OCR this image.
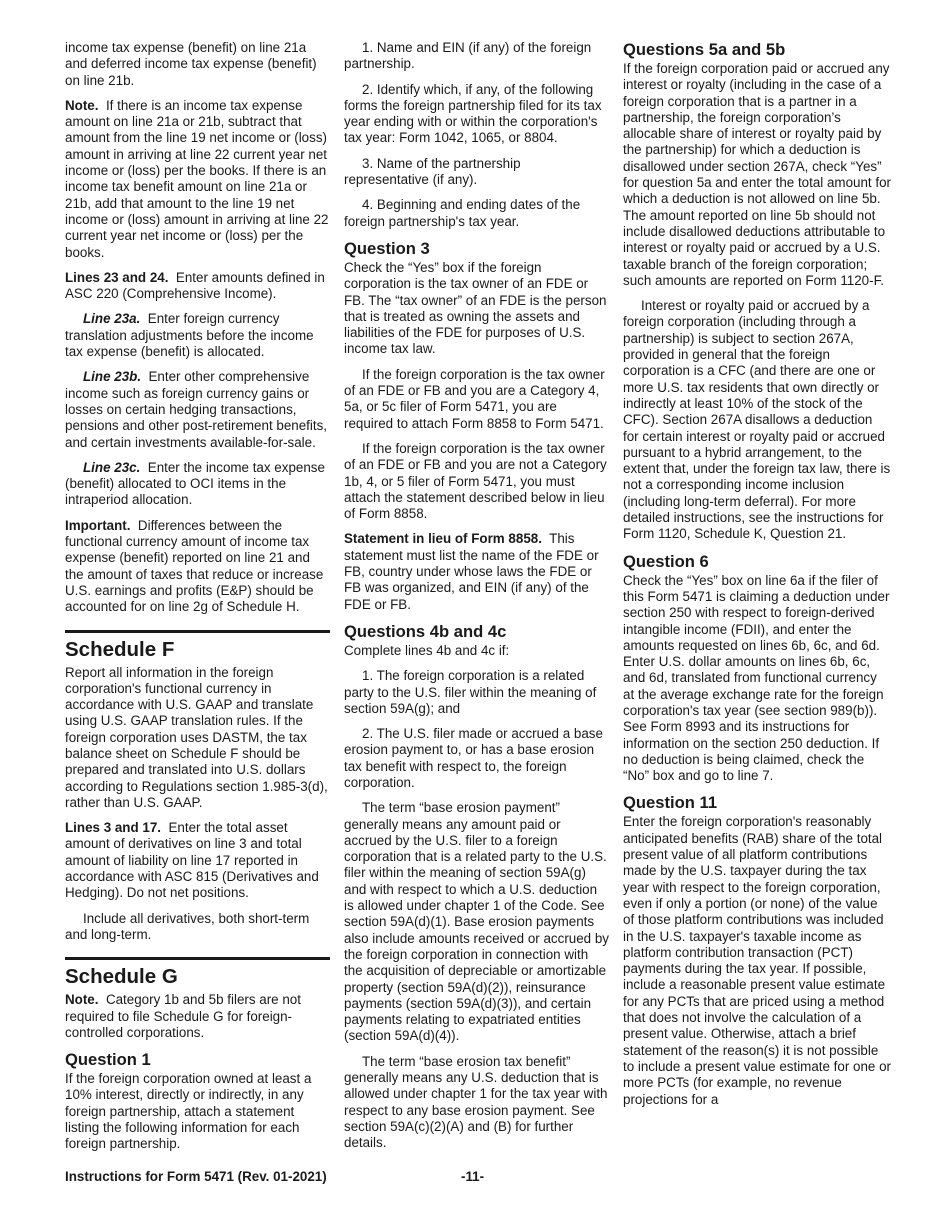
income tax expense (benefit) on line 21a and deferred income tax expense (benefit) on line 21b.

Note. If there is an income tax expense amount on line 21a or 21b, subtract that amount from the line 19 net income or (loss) amount in arriving at line 22 current year net income or (loss) per the books. If there is an income tax benefit amount on line 21a or 21b, add that amount to the line 19 net income or (loss) amount in arriving at line 22 current year net income or (loss) per the books.

Lines 23 and 24. Enter amounts defined in ASC 220 (Comprehensive Income).

Line 23a. Enter foreign currency translation adjustments before the income tax expense (benefit) is allocated.

Line 23b. Enter other comprehensive income such as foreign currency gains or losses on certain hedging transactions, pensions and other post-retirement benefits, and certain investments available-for-sale.

Line 23c. Enter the income tax expense (benefit) allocated to OCI items in the intraperiod allocation.

Important. Differences between the functional currency amount of income tax expense (benefit) reported on line 21 and the amount of taxes that reduce or increase U.S. earnings and profits (E&P) should be accounted for on line 2g of Schedule H.

Schedule F

Report all information in the foreign corporation's functional currency in accordance with U.S. GAAP and translate using U.S. GAAP translation rules. If the foreign corporation uses DASTM, the tax balance sheet on Schedule F should be prepared and translated into U.S. dollars according to Regulations section 1.985-3(d), rather than U.S. GAAP.

Lines 3 and 17. Enter the total asset amount of derivatives on line 3 and total amount of liability on line 17 reported in accordance with ASC 815 (Derivatives and Hedging). Do not net positions.

Include all derivatives, both short-term and long-term.

Schedule G

Note. Category 1b and 5b filers are not required to file Schedule G for foreign-controlled corporations.

Question 1

If the foreign corporation owned at least a 10% interest, directly or indirectly, in any foreign partnership, attach a statement listing the following information for each foreign partnership.

1. Name and EIN (if any) of the foreign partnership.

2. Identify which, if any, of the following forms the foreign partnership filed for its tax year ending with or within the corporation's tax year: Form 1042, 1065, or 8804.

3. Name of the partnership representative (if any).

4. Beginning and ending dates of the foreign partnership's tax year.

Question 3

Check the “Yes” box if the foreign corporation is the tax owner of an FDE or FB. The “tax owner” of an FDE is the person that is treated as owning the assets and liabilities of the FDE for purposes of U.S. income tax law.

If the foreign corporation is the tax owner of an FDE or FB and you are a Category 4, 5a, or 5c filer of Form 5471, you are required to attach Form 8858 to Form 5471.

If the foreign corporation is the tax owner of an FDE or FB and you are not a Category 1b, 4, or 5 filer of Form 5471, you must attach the statement described below in lieu of Form 8858.

Statement in lieu of Form 8858. This statement must list the name of the FDE or FB, country under whose laws the FDE or FB was organized, and EIN (if any) of the FDE or FB.

Questions 4b and 4c

Complete lines 4b and 4c if:

1. The foreign corporation is a related party to the U.S. filer within the meaning of section 59A(g); and

2. The U.S. filer made or accrued a base erosion payment to, or has a base erosion tax benefit with respect to, the foreign corporation.

The term “base erosion payment” generally means any amount paid or accrued by the U.S. filer to a foreign corporation that is a related party to the U.S. filer within the meaning of section 59A(g) and with respect to which a U.S. deduction is allowed under chapter 1 of the Code. See section 59A(d)(1). Base erosion payments also include amounts received or accrued by the foreign corporation in connection with the acquisition of depreciable or amortizable property (section 59A(d)(2)), reinsurance payments (section 59A(d)(3)), and certain payments relating to expatriated entities (section 59A(d)(4)).

The term “base erosion tax benefit” generally means any U.S. deduction that is allowed under chapter 1 for the tax year with respect to any base erosion payment. See section 59A(c)(2)(A) and (B) for further details.

Questions 5a and 5b

If the foreign corporation paid or accrued any interest or royalty (including in the case of a foreign corporation that is a partner in a partnership, the foreign corporation’s allocable share of interest or royalty paid by the partnership) for which a deduction is disallowed under section 267A, check “Yes” for question 5a and enter the total amount for which a deduction is not allowed on line 5b. The amount reported on line 5b should not include disallowed deductions attributable to interest or royalty paid or accrued by a U.S. taxable branch of the foreign corporation; such amounts are reported on Form 1120-F.

Interest or royalty paid or accrued by a foreign corporation (including through a partnership) is subject to section 267A, provided in general that the foreign corporation is a CFC (and there are one or more U.S. tax residents that own directly or indirectly at least 10% of the stock of the CFC). Section 267A disallows a deduction for certain interest or royalty paid or accrued pursuant to a hybrid arrangement, to the extent that, under the foreign tax law, there is not a corresponding income inclusion (including long-term deferral). For more detailed instructions, see the instructions for Form 1120, Schedule K, Question 21.

Question 6

Check the “Yes” box on line 6a if the filer of this Form 5471 is claiming a deduction under section 250 with respect to foreign-derived intangible income (FDII), and enter the amounts requested on lines 6b, 6c, and 6d. Enter U.S. dollar amounts on lines 6b, 6c, and 6d, translated from functional currency at the average exchange rate for the foreign corporation's tax year (see section 989(b)). See Form 8993 and its instructions for information on the section 250 deduction. If no deduction is being claimed, check the “No” box and go to line 7.

Question 11

Enter the foreign corporation's reasonably anticipated benefits (RAB) share of the total present value of all platform contributions made by the U.S. taxpayer during the tax year with respect to the foreign corporation, even if only a portion (or none) of the value of those platform contributions was included in the U.S. taxpayer's taxable income as platform contribution transaction (PCT) payments during the tax year. If possible, include a reasonable present value estimate for any PCTs that are priced using a method that does not involve the calculation of a present value. Otherwise, attach a brief statement of the reason(s) it is not possible to include a present value estimate for one or more PCTs (for example, no revenue projections for a

Instructions for Form 5471 (Rev. 01-2021)	-11-
